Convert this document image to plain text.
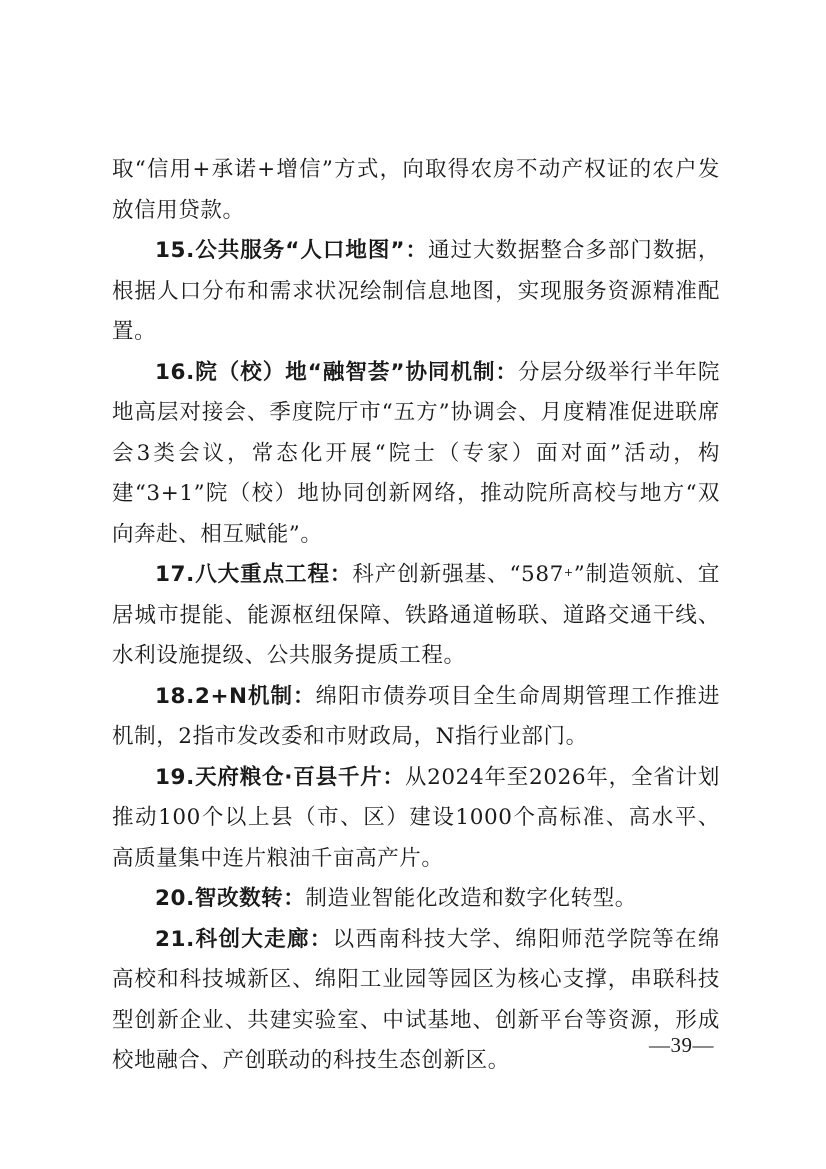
取“信用+承诺+增信”方式，向取得农房不动产权证的农户发放信用贷款。

15.公共服务“人口地图”：通过大数据整合多部门数据，根据人口分布和需求状况绘制信息地图，实现服务资源精准配置。

16.院（校）地“融智荟”协同机制：分层分级举行半年院地高层对接会、季度院厅市“五方”协调会、月度精准促进联席会3类会议，常态化开展“院士（专家）面对面”活动，构建“3+1”院（校）地协同创新网络，推动院所高校与地方“双向奔赴、相互赋能”。

17.八大重点工程：科产创新强基、“587+”制造领航、宜居城市提能、能源枢纽保障、铁路通道畅联、道路交通干线、水利设施提级、公共服务提质工程。

18.2+N机制：绵阳市债券项目全生命周期管理工作推进机制，2指市发改委和市财政局，N指行业部门。

19.天府粮仓·百县千片：从2024年至2026年，全省计划推动100个以上县（市、区）建设1000个高标准、高水平、高质量集中连片粮油千亩高产片。

20.智改数转：制造业智能化改造和数字化转型。

21.科创大走廊：以西南科技大学、绵阳师范学院等在绵高校和科技城新区、绵阳工业园等园区为核心支撑，串联科技型创新企业、共建实验室、中试基地、创新平台等资源，形成校地融合、产创联动的科技生态创新区。

—39—
